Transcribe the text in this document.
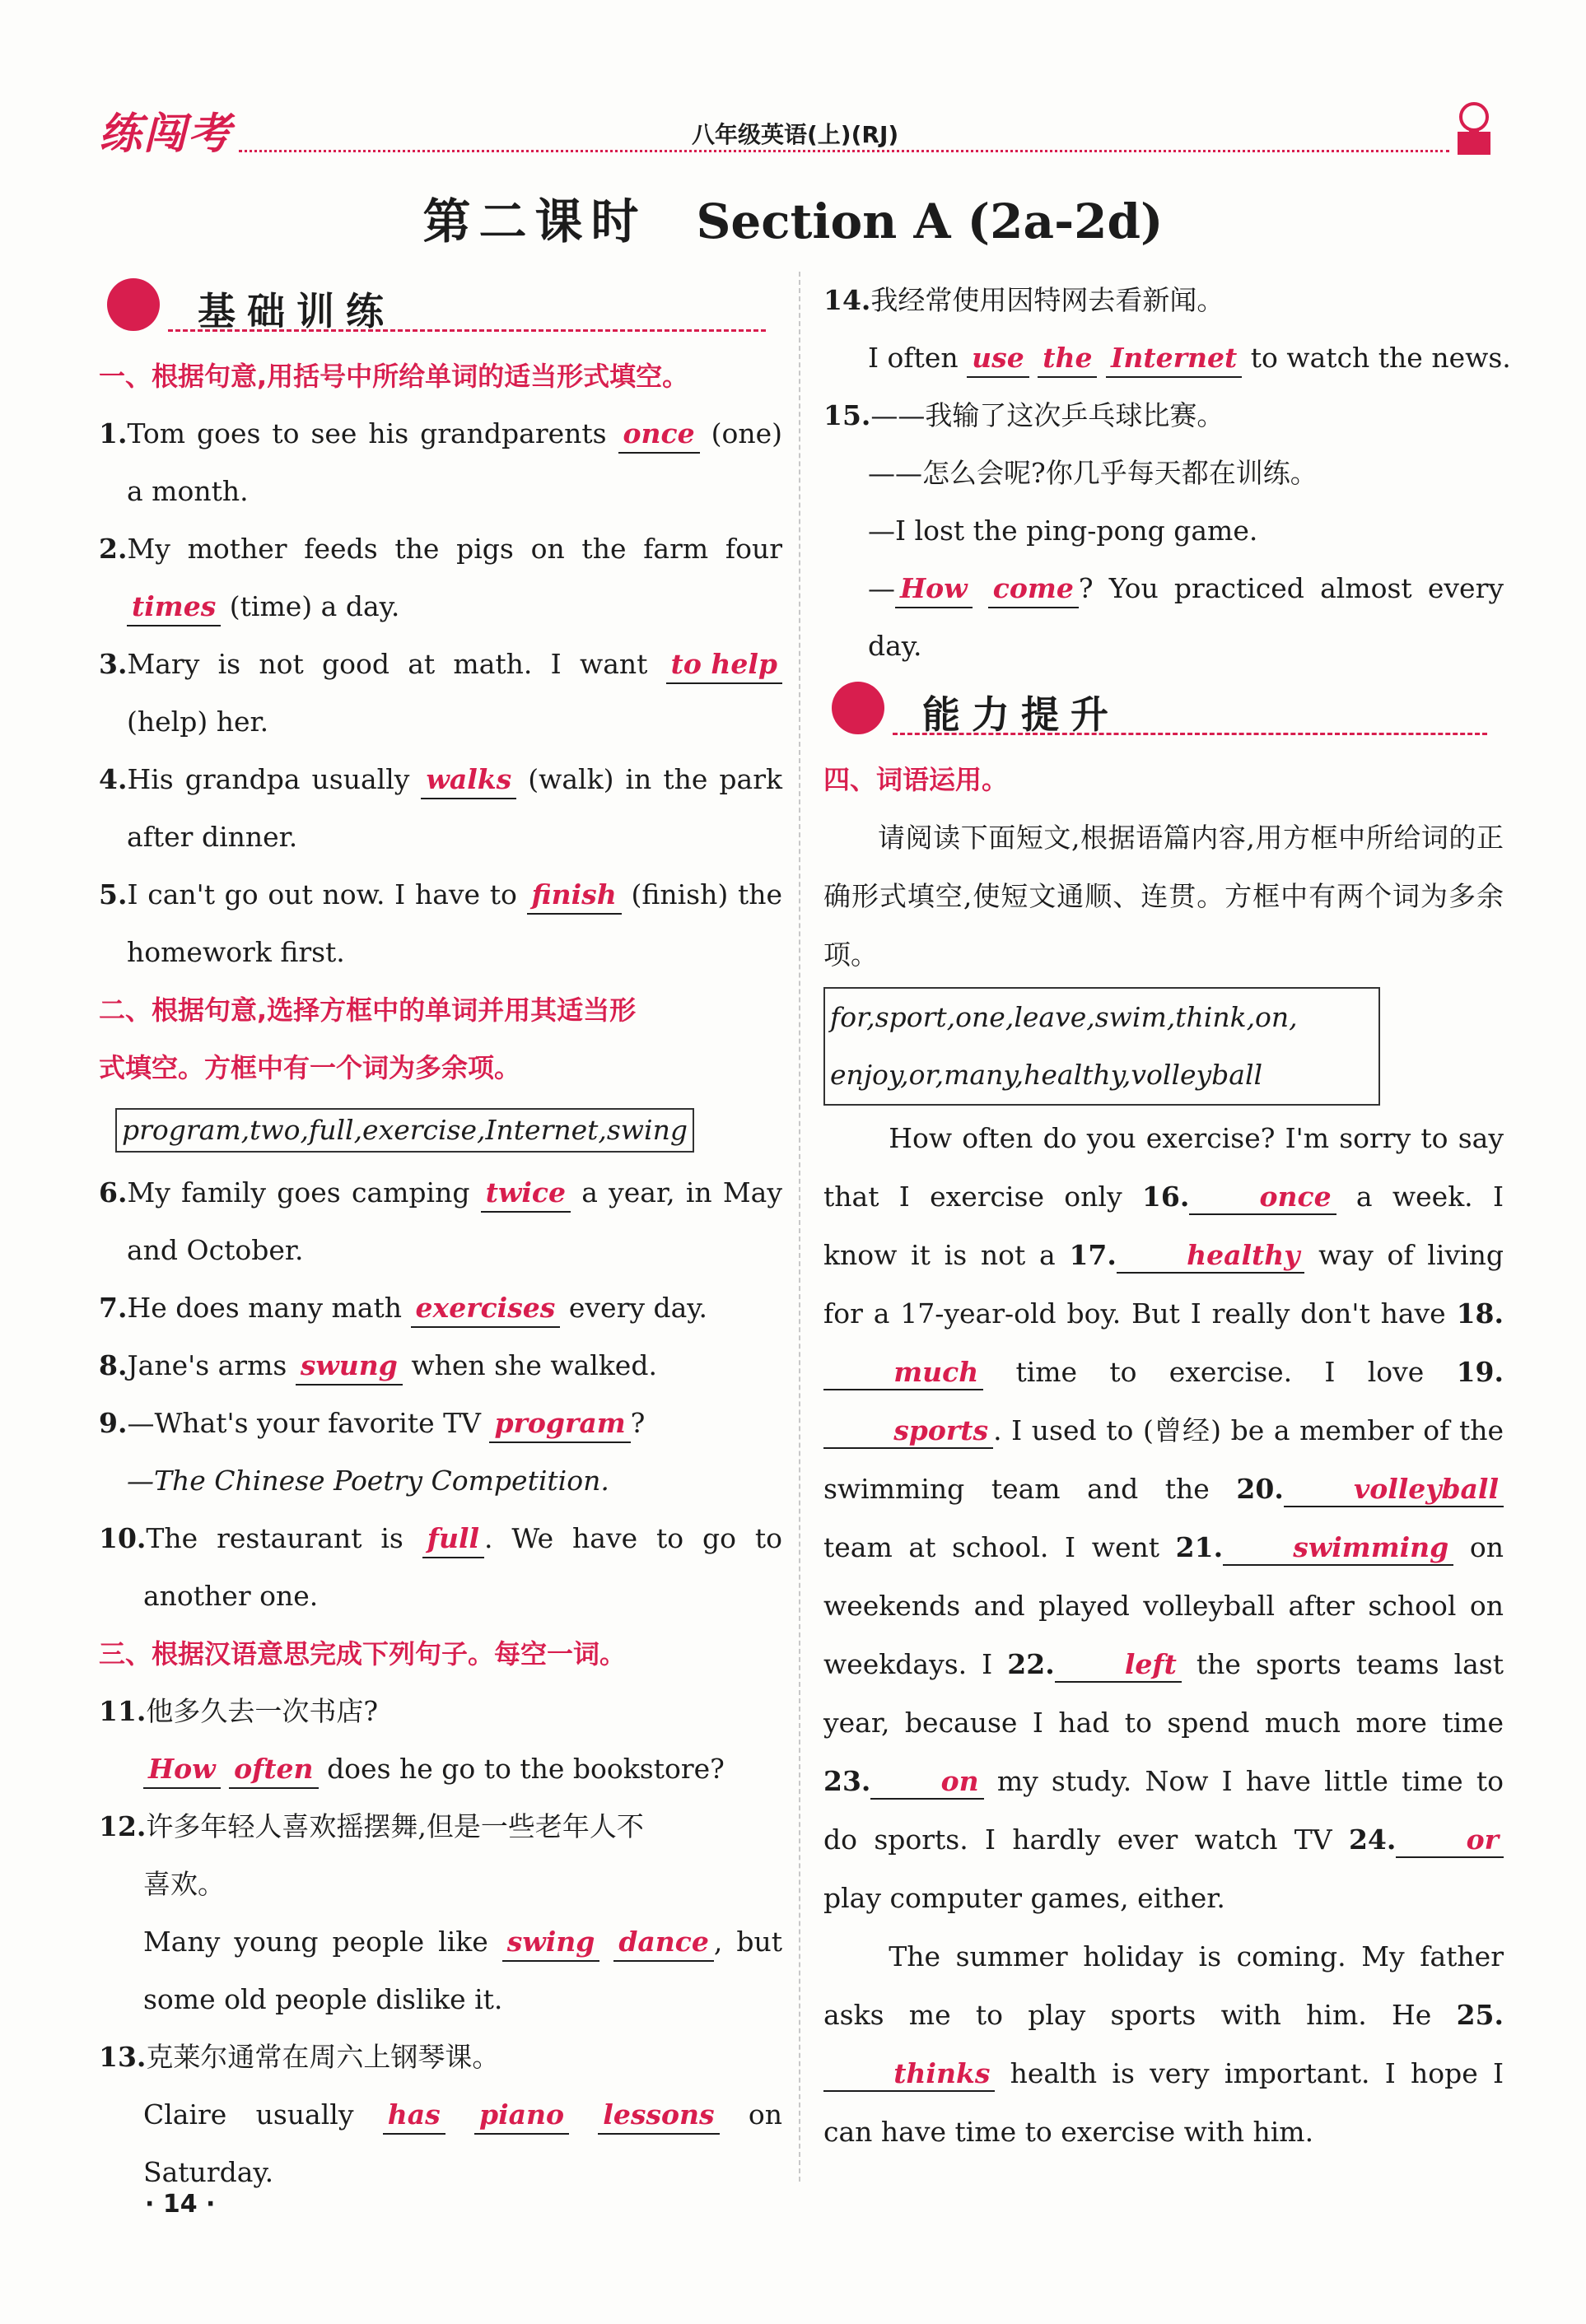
练闯考	八年级英语(上)(RJ)
第二课时 Section A (2a-2d)
基础训练
一、根据句意,用括号中所给单词的适当形式填空。
1.Tom goes to see his grandparents once (one)
a month.
2.My mother feeds the pigs on the farm four
times (time) a day.
3.Mary is not good at math. I want to help
(help) her.
4.His grandpa usually walks (walk) in the park
after dinner.
5.I can't go out now. I have to finish (finish) the
homework first.
二、根据句意,选择方框中的单词并用其适当形
式填空。方框中有一个词为多余项。
program,two,full,exercise,Internet,swing
6.My family goes camping twice a year, in May
and October.
7.He does many math exercises every day.
8.Jane's arms swung when she walked.
9.—What's your favorite TV program ?
—The Chinese Poetry Competition.
10.The restaurant is full . We have to go to
another one.
三、根据汉语意思完成下列句子。每空一词。
11.他多久去一次书店?
How often does he go to the bookstore?
12.许多年轻人喜欢摇摆舞,但是一些老年人不
喜欢。
Many young people like swing dance , but
some old people dislike it.
13.克莱尔通常在周六上钢琴课。
Claire usually has piano lessons on
Saturday.
14.我经常使用因特网去看新闻。
I often use the Internet to watch the news.
15.——我输了这次乒乓球比赛。
——怎么会呢?你几乎每天都在训练。
—I lost the ping-pong game.
— How come ? You practiced almost every
day.
能力提升
四、词语运用。
请阅读下面短文,根据语篇内容,用方框中所给词的正确形式填空,使短文通顺、连贯。方框中有两个词为多余项。
for,sport,one,leave,swim,think,on,
enjoy,or,many,healthy,volleyball
How often do you exercise? I'm sorry to say that I exercise only 16.	once a week. I know it is not a 17.	healthy way of living for a 17-year-old boy. But I really don't have 18.much time to exercise. I love 19.sports . I used to (曾经) be a member of the swimming team and the 20.	volleyball team at school. I went 21.	swimming on weekends and played volleyball after school on weekdays. I 22.	left the sports teams last year, because I had to spend much more time 23.	on my study. Now I have little time to do sports. I hardly ever watch TV 24.	or play computer games, either.
The summer holiday is coming. My father asks me to play sports with him. He 25.thinks health is very important. I hope I can have time to exercise with him.
· 14 ·
